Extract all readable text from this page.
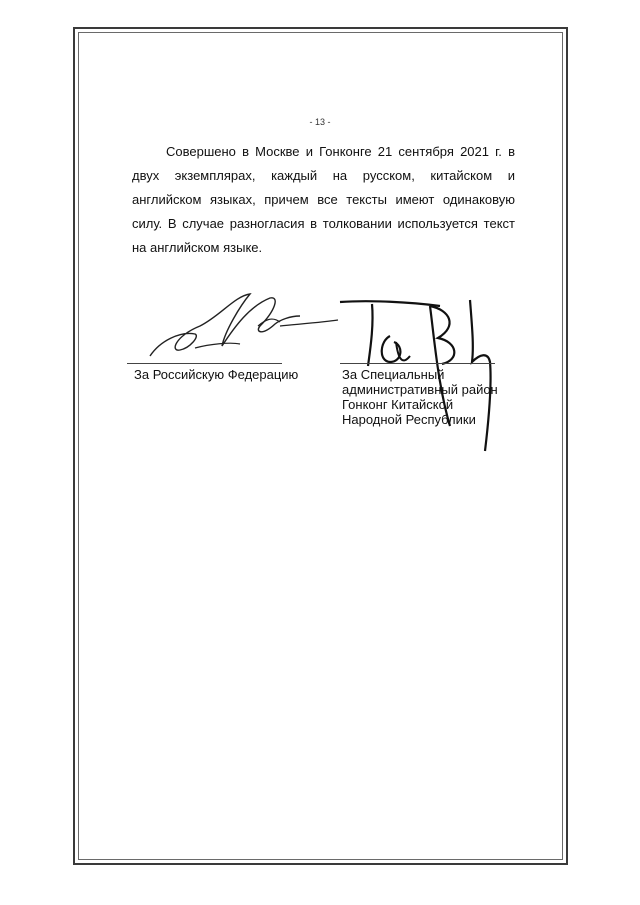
- 13 -

Совершено в Москве и Гонконге 21 сентября 2021 г. в двух экземплярах, каждый на русском, китайском и английском языках, причем все тексты имеют одинаковую силу. В случае разногласия в толковании используется текст на английском языке.

За Российскую Федерацию	За Специальный
административный район
Гонконг Китайской
Народной Республики
